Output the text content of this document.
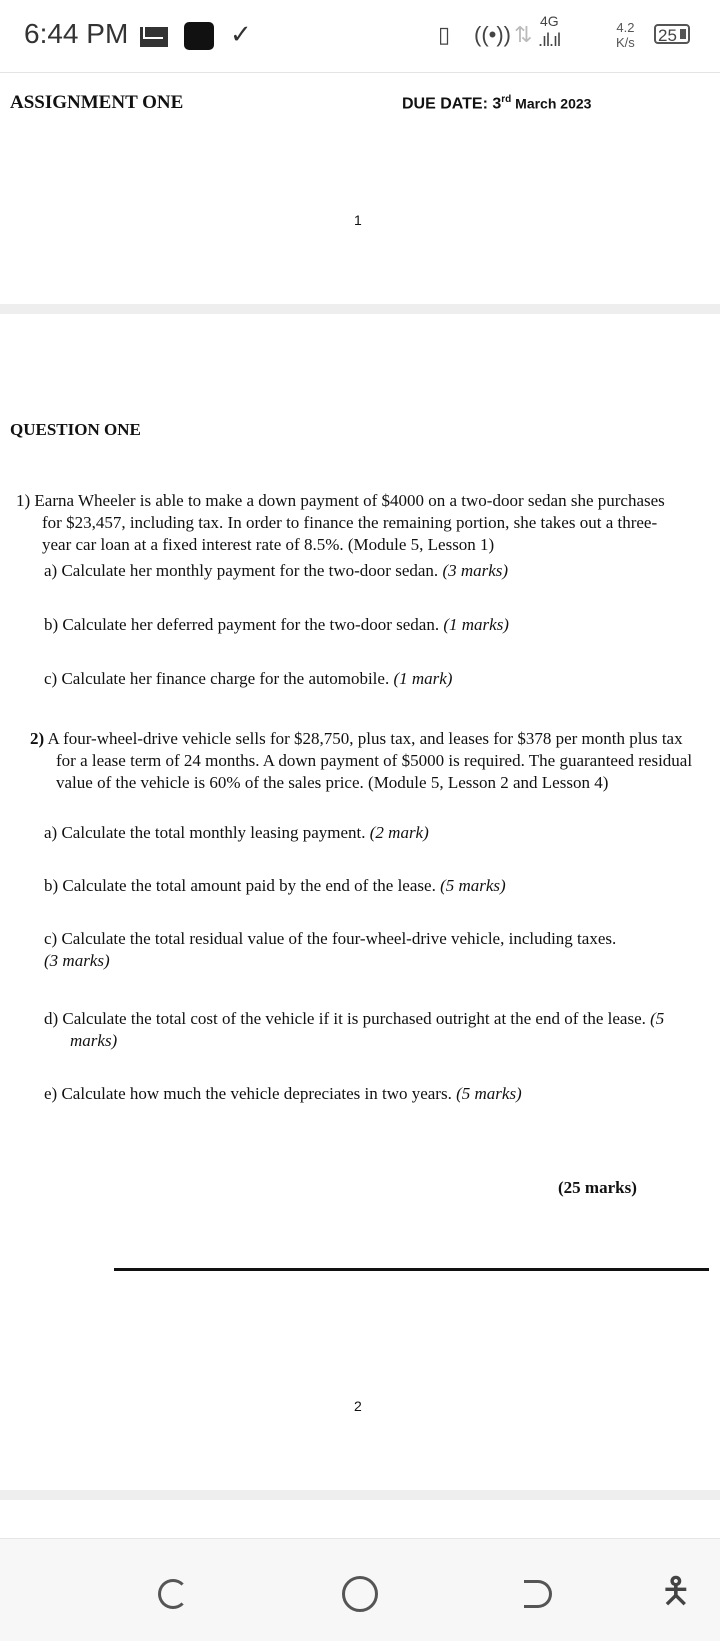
6:44 PM	✓	▯ ((•)) ⇅
4G
.ıl.ıl
4.2
K/s 25
ASSIGNMENT ONE	DUE DATE: 3rd March 2023
1
QUESTION ONE
1) Earna Wheeler is able to make a down payment of $4000 on a two-door sedan she purchases for $23,457, including tax. In order to finance the remaining portion, she takes out a three-year car loan at a fixed interest rate of 8.5%. (Module 5, Lesson 1)
a) Calculate her monthly payment for the two-door sedan. (3 marks)
b) Calculate her deferred payment for the two-door sedan. (1 marks)
c) Calculate her finance charge for the automobile. (1 mark)
2) A four-wheel-drive vehicle sells for $28,750, plus tax, and leases for $378 per month plus tax for a lease term of 24 months. A down payment of $5000 is required. The guaranteed residual value of the vehicle is 60% of the sales price. (Module 5, Lesson 2 and Lesson 4)
a) Calculate the total monthly leasing payment. (2 mark)
b) Calculate the total amount paid by the end of the lease. (5 marks)
c) Calculate the total residual value of the four-wheel-drive vehicle, including taxes.
(3 marks)
d) Calculate the total cost of the vehicle if it is purchased outright at the end of the lease. (5 marks)
e) Calculate how much the vehicle depreciates in two years. (5 marks)
(25 marks)
2
🯅
